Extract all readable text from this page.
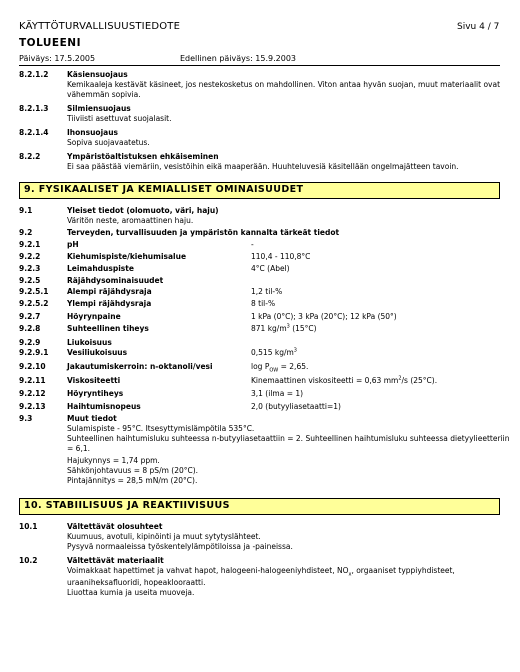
KÄYTTÖTURVALLISUUSTIEDOTE	Sivu 4 / 7
TOLUEENI
Päiväys: 17.5.2005	Edellinen päiväys: 15.9.2003
8.2.1.2 Käsiensuojaus
Kemikaaleja kestävät käsineet, jos nestekosketus on mahdollinen. Viton antaa hyvän suojan, muut materiaalit ovat
vähemmän sopivia.
8.2.1.3 Silmiensuojaus
Tiiviisti asettuvat suojalasit.
8.2.1.4 Ihonsuojaus
Sopiva suojavaatetus.
8.2.2	Ympäristöaltistuksen ehkäiseminen
Ei saa päästää viemäriin, vesistöihin eikä maaperään. Huuhteluvesiä käsitellään ongelmajätteen tavoin.
9. FYSIKAALISET JA KEMIALLISET OMINAISUUDET
9.1	Yleiset tiedot (olomuoto, väri, haju)
Väritön neste, aromaattinen haju.
9.2	Terveyden, turvallisuuden ja ympäristön kannalta tärkeät tiedot
9.2.1	pH	-
9.2.2	Kiehumispiste/kiehumisalue	110,4 - 110,8°C
9.2.3	Leimahduspiste	4°C (Abel)
9.2.5	Räjähdysominaisuudet
9.2.5.1 Alempi räjähdysraja	1,2 til-%
9.2.5.2 Ylempi räjähdysraja	8 til-%
9.2.7	Höyrynpaine	1 kPa (0°C); 3 kPa (20°C); 12 kPa (50°)
9.2.8	Suhteellinen tiheys	871 $kg/m^3$ (15°C)
9.2.9	Liukoisuus
9.2.9.1 Vesiliukoisuus	0,515 $kg/m^3$
9.2.10	Jakautumiskerroin: n-oktanoli/vesi	$\log P_{OW} = 2,65$.
9.2.11	Viskositeetti	Kinemaattinen viskositeetti = 0,63 $mm^2/s$ (25°C).
9.2.12	Höyryntiheys	3,1 (ilma = 1)
9.2.13	Haihtumisnopeus	2,0 (butyyliasetaatti=1)
9.3	Muut tiedot
Sulamispiste - 95°C. Itsesyttymislämpötila 535°C.
Suhteellinen haihtumisluku suhteessa n-butyyliasetaattiin = 2. Suhteellinen haihtumisluku suhteessa dietyylieetteriin
= 6,1.
Hajukynnys = 1,74 ppm.
Sähkönjohtavuus = 8 pS/m (20°C).
Pintajännitys = 28,5 mN/m (20°C).
10. STABIILISUUS JA REAKTIIVISUUS
10.1	Vältettävät olosuhteet
Kuumuus, avotuli, kipinöinti ja muut sytytyslähteet.
Pysyvä normaaleissa työskentelylämpötiloissa ja -paineissa.
10.2	Vältettävät materiaalit
Voimakkaat hapettimet ja vahvat hapot, halogeeni-halogeeniyhdisteet, $NO_x$, orgaaniset typpiyhdisteet,
uraaniheksafluoridi, hopeaklooraatti.
Liuottaa kumia ja useita muoveja.
